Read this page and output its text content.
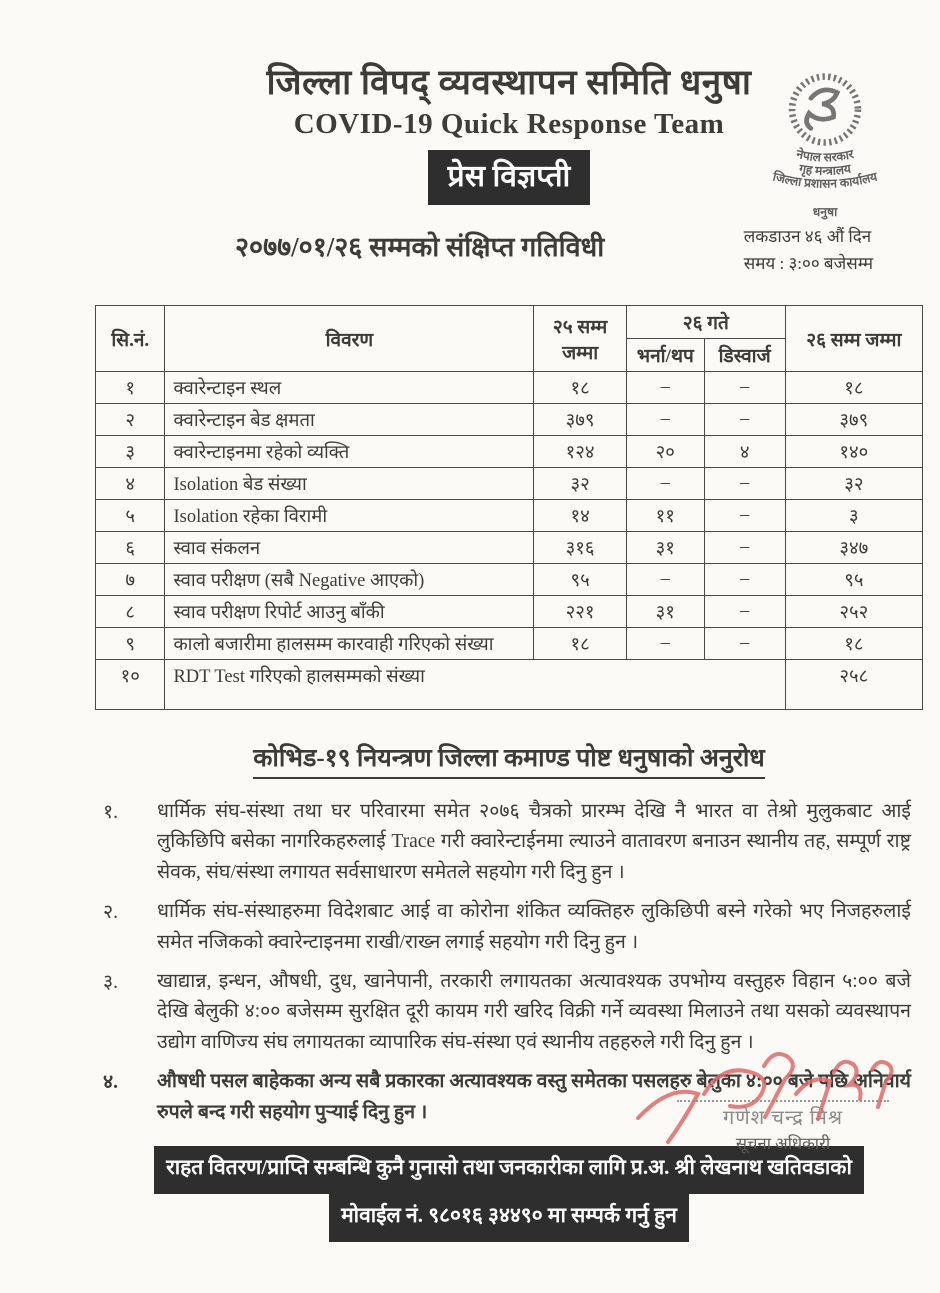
जिल्ला विपद् व्यवस्थापन समिति धनुषा
COVID-19 Quick Response Team
प्रेस विज्ञप्ती
नेपाल सरकार
गृह मन्त्रालय
जिल्ला प्रशासन कार्यालय
धनुषा
२०७७/०१/२६ सम्मको संक्षिप्त गतिविधी	लकडाउन ४६ औं दिन
समय : ३:०० बजेसम्म
सि.नं.	विवरण	२५ सम्म जम्मा	२६ गते		२६ सम्म जम्मा
			भर्ना/थप	डिस्वार्ज	
१	क्वारेन्टाइन स्थल	१८	–	–	१८
२	क्वारेन्टाइन बेड क्षमता	३७९	–	–	३७९
३	क्वारेन्टाइनमा रहेको व्यक्ति	१२४	२०	४	१४०
४	Isolation बेड संख्या	३२	–	–	३२
५	Isolation रहेका विरामी	१४	११	–	३
६	स्वाव संकलन	३१६	३१	–	३४७
७	स्वाव परीक्षण (सबै Negative आएको)	९५	–	–	९५
८	स्वाव परीक्षण रिपोर्ट आउनु बाँकी	२२१	३१	–	२५२
९	कालो बजारीमा हालसम्म कारवाही गरिएको संख्या	१८	–	–	१८
१०	RDT Test गरिएको हालसम्मको संख्या				२५८
कोभिड-१९ नियन्त्रण जिल्ला कमाण्ड पोष्ट धनुषाको अनुरोध
१.	धार्मिक संघ-संस्था तथा घर परिवारमा समेत २०७६ चैत्रको प्रारम्भ देखि नै भारत वा तेश्रो मुलुकबाट आई लुकिछिपि बसेका नागरिकहरुलाई Trace गरी क्वारेन्टाईनमा ल्याउने वातावरण बनाउन स्थानीय तह, सम्पूर्ण राष्ट्र सेवक, संघ/संस्था लगायत सर्वसाधारण समेतले सहयोग गरी दिनु हुन ।
२.	धार्मिक संघ-संस्थाहरुमा विदेशबाट आई वा कोरोना शंकित व्यक्तिहरु लुकिछिपी बस्ने गरेको भए निजहरुलाई समेत नजिकको क्वारेन्टाइनमा राखी/राख्न लगाई सहयोग गरी दिनु हुन ।
३.	खाद्यान्न, इन्धन, औषधी, दुध, खानेपानी, तरकारी लगायतका अत्यावश्यक उपभोग्य वस्तुहरु विहान ५:०० बजे देखि बेलुकी ४:०० बजेसम्म सुरक्षित दूरी कायम गरी खरिद विक्री गर्ने व्यवस्था मिलाउने तथा यसको व्यवस्थापन उद्योग वाणिज्य संघ लगायतका व्यापारिक संघ-संस्था एवं स्थानीय तहहरुले गरी दिनु हुन ।
४.	औषधी पसल बाहेकका अन्य सबै प्रकारका अत्यावश्यक वस्तु समेतका पसलहरु बेलुका ४:०० बजे पछि अनिवार्य रुपले बन्द गरी सहयोग पुऱ्याई दिनु हुन ।
राहत वितरण/प्राप्ति सम्बन्धि कुनै गुनासो तथा जनकारीका लागि प्र.अ. श्री लेखनाथ खतिवडाको
मोवाईल नं. ९८०१६ ३४४९० मा सम्पर्क गर्नु हुन
गणेश चन्द्र मिश्र
सूचना अधिकारी
